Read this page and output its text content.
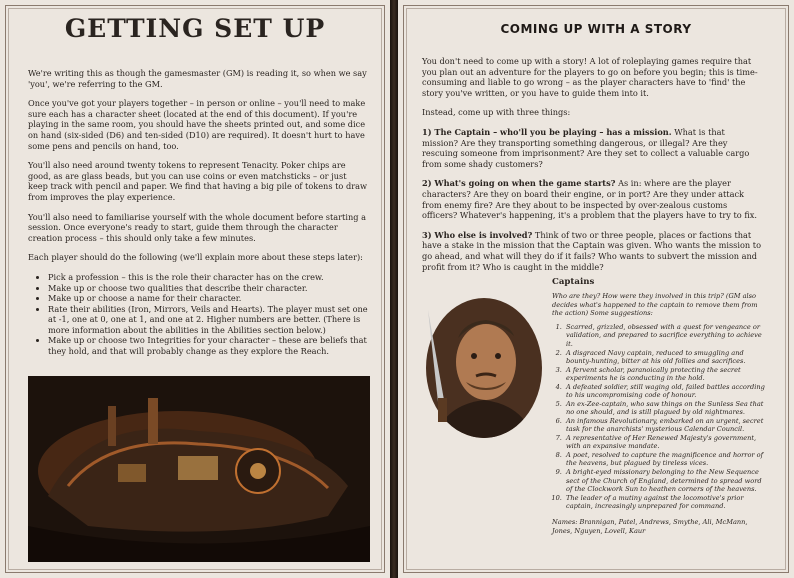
GETTING SET UP

We're writing this as though the gamesmaster (GM) is reading it, so when we say 'you', we're referring to the GM.

Once you've got your players together – in person or online – you'll need to make sure each has a character sheet (located at the end of this document). If you're playing in the same room, you should have the sheets printed out, and some dice on hand (six-sided (D6) and ten-sided (D10) are required). It doesn't hurt to have some pens and pencils on hand, too.

You'll also need around twenty tokens to represent Tenacity. Poker chips are good, as are glass beads, but you can use coins or even matchsticks – or just keep track with pencil and paper. We find that having a big pile of tokens to draw from improves the play experience.

You'll also need to familiarise yourself with the whole document before starting a session. Once everyone's ready to start, guide them through the character creation process – this should only take a few minutes.

Each player should do the following (we'll explain more about these steps later):

• Pick a profession – this is the role their character has on the crew.
• Make up or choose two qualities that describe their character.
• Make up or choose a name for their character.
• Rate their abilities (Iron, Mirrors, Veils and Hearts). The player must set one at -1, one at 0, one at 1, and one at 2. Higher numbers are better. (There is more information about the abilities in the Abilities section below.)
• Make up or choose two Integrities for your character – these are beliefs that they hold, and that will probably change as they explore the Reach.
COMING UP WITH A STORY

You don't need to come up with a story! A lot of roleplaying games require that you plan out an adventure for the players to go on before you begin; this is time-consuming and liable to go wrong – as the player characters have to 'find' the story you've written, or you have to guide them into it.

Instead, come up with three things:

1) The Captain – who'll you be playing – has a mission. What is that mission? Are they transporting something dangerous, or illegal? Are they rescuing someone from imprisonment? Are they set to collect a valuable cargo from some shady customers?

2) What's going on when the game starts? As in: where are the player characters? Are they on board their engine, or in port? Are they under attack from enemy fire? Are they about to be inspected by over-zealous customs officers? Whatever's happening, it's a problem that the players have to try to fix.

3) Who else is involved? Think of two or three people, places or factions that have a stake in the mission that the Captain was given. Who wants the mission to go ahead, and what will they do if it fails? Who wants to subvert the mission and profit from it? Who is caught in the middle?

Captains

Who are they? How were they involved in this trip? (GM also decides what's happened to the captain to remove them from the action) Some suggestions:

1. Scarred, grizzled, obsessed with a quest for vengeance or validation, and prepared to sacrifice everything to achieve it.
2. A disgraced Navy captain, reduced to smuggling and bounty-hunting, bitter at his old follies and sacrifices.
3. A fervent scholar, paranoically protecting the secret experiments he is conducting in the hold.
4. A defeated soldier, still waging old, failed battles according to his uncompromising code of honour.
5. An ex-Zee-captain, who saw things on the Sunless Sea that no one should, and is still plagued by old nightmares.
6. An infamous Revolutionary, embarked on an urgent, secret task for the anarchists' mysterious Calendar Council.
7. A representative of Her Renewed Majesty's government, with an expansive mandate.
8. A poet, resolved to capture the magnificence and horror of the heavens, but plagued by tireless vices.
9. A bright-eyed missionary belonging to the New Sequence sect of the Church of England, determined to spread word of the Clockwork Sun to heathen corners of the heavens.
10. The leader of a mutiny against the locomotive's prior captain, increasingly unprepared for command.

Names: Brannigan, Patel, Andrews, Smythe, Ali, McMann, Jones, Nguyen, Lovell, Kaur
